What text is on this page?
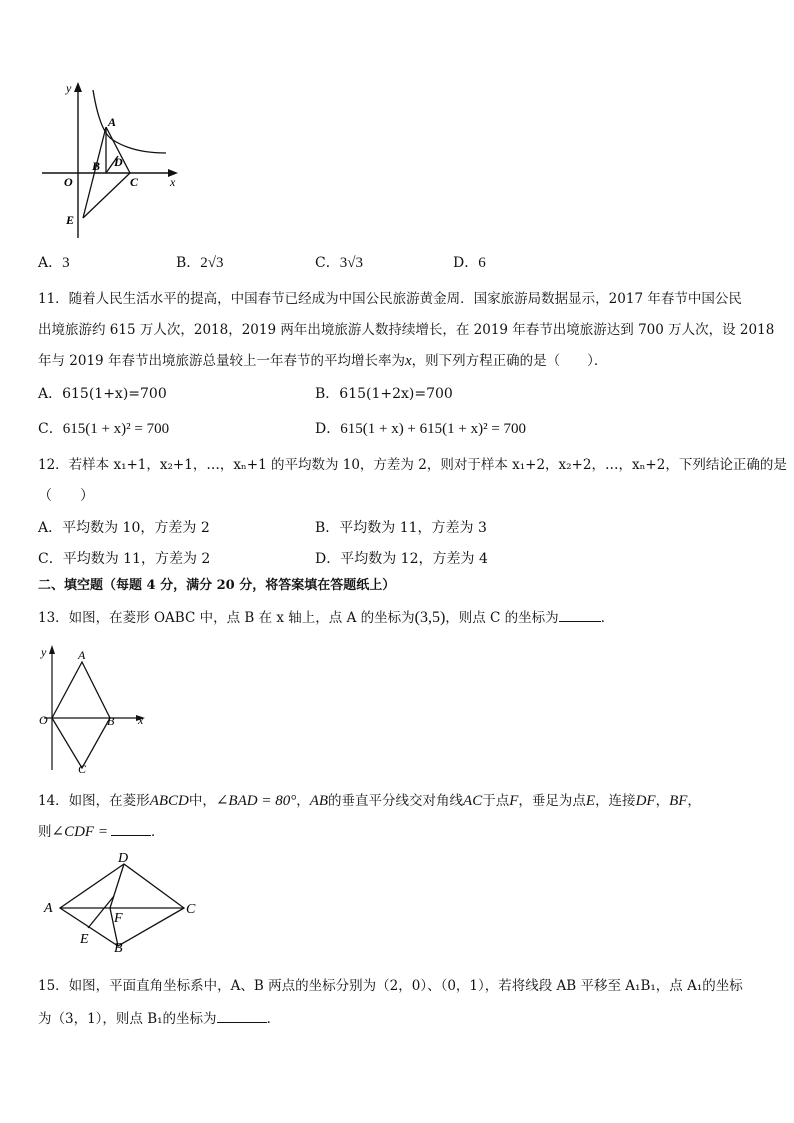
y
x
O
A
B
C
D
E
A．3	B．2√3	C．3√3	D．6
11．随着人民生活水平的提高，中国春节已经成为中国公民旅游黄金周．国家旅游局数据显示，2017 年春节中国公民
出境旅游约 615 万人次，2018，2019 两年出境旅游人数持续增长，在 2019 年春节出境旅游达到 700 万人次，设 2018
年与 2019 年春节出境旅游总量较上一年春节的平均增长率为x，则下列方程正确的是（　　）．
A．615(1+x)=700	B．615(1+2x)=700
C．615(1 + x)² = 700	D．615(1 + x) + 615(1 + x)² = 700
12．若样本 x₁+1，x₂+1，…，xₙ+1 的平均数为 10，方差为 2，则对于样本 x₁+2，x₂+2，…，xₙ+2，下列结论正确的是
（　　）
A．平均数为 10，方差为 2	B．平均数为 11，方差为 3
C．平均数为 11，方差为 2	D．平均数为 12，方差为 4
二、填空题（每题 4 分，满分 20 分，将答案填在答题纸上）
13．如图，在菱形 OABC 中，点 B 在 x 轴上，点 A 的坐标为(3,5)，则点 C 的坐标为	．
y
x
O
A
B
C
14．如图，在菱形ABCD中，∠BAD = 80°，AB的垂直平分线交对角线AC于点F，垂足为点E，连接DF，BF，
则∠CDF =	．
A
D
C
B
E
F
15．如图，平面直角坐标系中，A、B 两点的坐标分别为（2，0）、（0，1），若将线段 AB 平移至 A₁B₁，点 A₁的坐标
为（3，1），则点 B₁的坐标为	．
